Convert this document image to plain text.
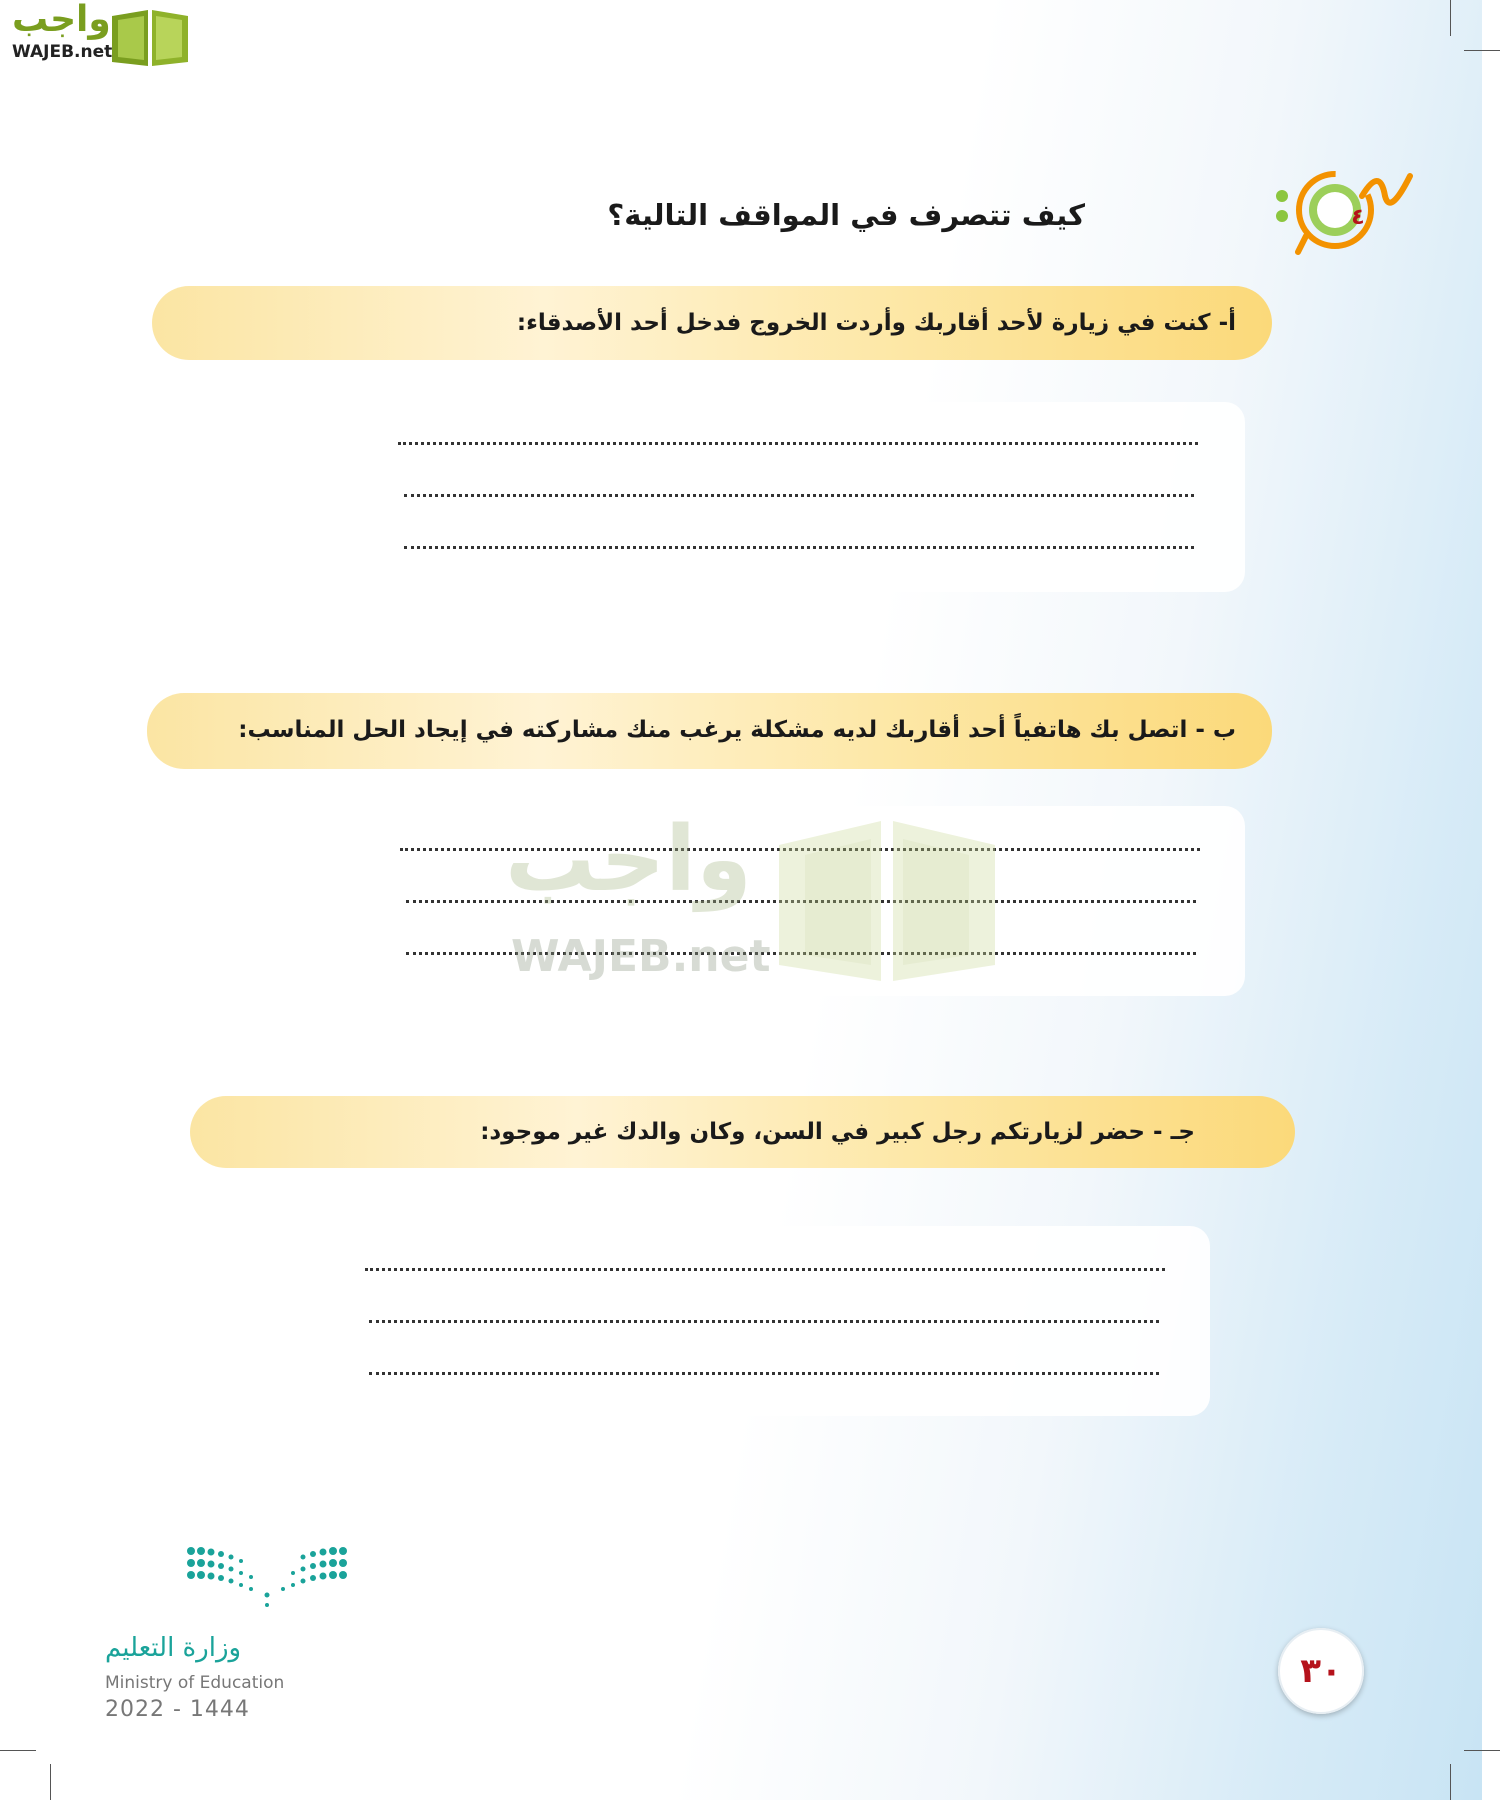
واجب
WAJEB.net
كيف تتصرف في المواقف التالية؟	٤
أ- كنت في زيارة لأحد أقاربك وأردت الخروج فدخل أحد الأصدقاء:
ب - اتصل بك هاتفياً أحد أقاربك لديه مشكلة يرغب منك مشاركته في إيجاد الحل المناسب:
واجب
WAJEB.net
جـ - حضر لزيارتكم رجل كبير في السن، وكان والدك غير موجود:
وزارة التعليم
Ministry of Education
2022 - 1444
٣٠
